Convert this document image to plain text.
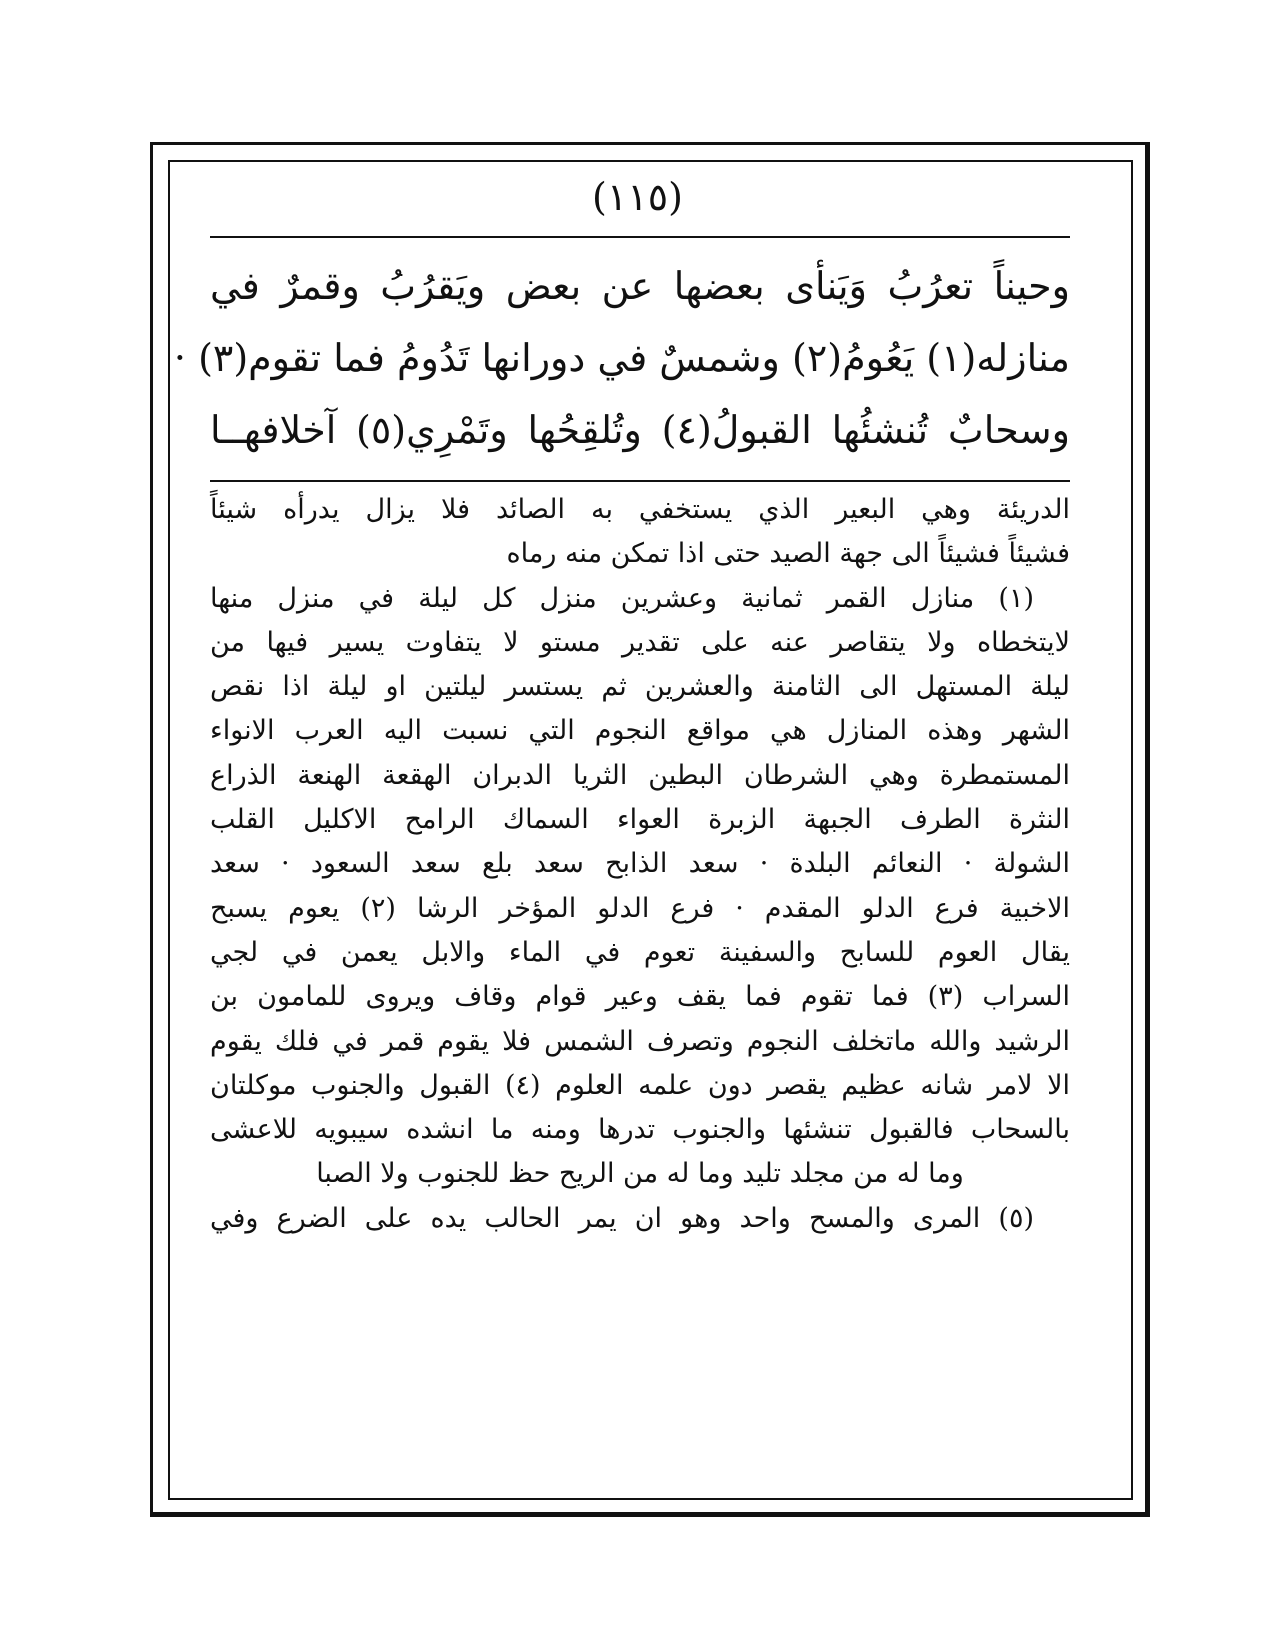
(١١٥)
وحيناً تعرُبُ وَيَنأى بعضها عن بعض ويَقرُبُ وقمرٌ في
منازله(١) يَعُومُ(٢) وشمسٌ في دورانها تَدُومُ فما تقوم(٣) ·
وسحابٌ تُنشئُها القبولُ(٤) وتُلقِحُها وتَمْرِي(٥) آخلافهــا
الدريئة وهي البعير الذي يستخفي به الصائد فلا يزال يدرأه شيئاً
فشيئاً فشيئاً الى جهة الصيد حتى اذا تمكن منه رماه
(١) منازل القمر ثمانية وعشرين منزل كل ليلة في منزل منها
لايتخطاه ولا يتقاصر عنه على تقدير مستو لا يتفاوت يسير فيها من
ليلة المستهل الى الثامنة والعشرين ثم يستسر ليلتين او ليلة اذا نقص
الشهر وهذه المنازل هي مواقع النجوم التي نسبت اليه العرب الانواء
المستمطرة وهي الشرطان البطين الثريا الدبران الهقعة الهنعة الذراع
النثرة الطرف الجبهة الزبرة العواء السماك الرامح الاكليل القلب
الشولة · النعائم البلدة · سعد الذابح سعد بلع سعد السعود · سعد
الاخبية فرع الدلو المقدم · فرع الدلو المؤخر الرشا (٢) يعوم يسبح
يقال العوم للسابح والسفينة تعوم في الماء والابل يعمن في لجي
السراب (٣) فما تقوم فما يقف وعير قوام وقاف ويروى للمامون بن
الرشيد والله ماتخلف النجوم وتصرف الشمس فلا يقوم قمر في فلك يقوم
الا لامر شانه عظيم يقصر دون علمه العلوم (٤) القبول والجنوب موكلتان
بالسحاب فالقبول تنشئها والجنوب تدرها ومنه ما انشده سيبويه للاعشى
وما له من مجلد تليد وما له من الريح حظ للجنوب ولا الصبا
(٥) المرى والمسح واحد وهو ان يمر الحالب يده على الضرع وفي
